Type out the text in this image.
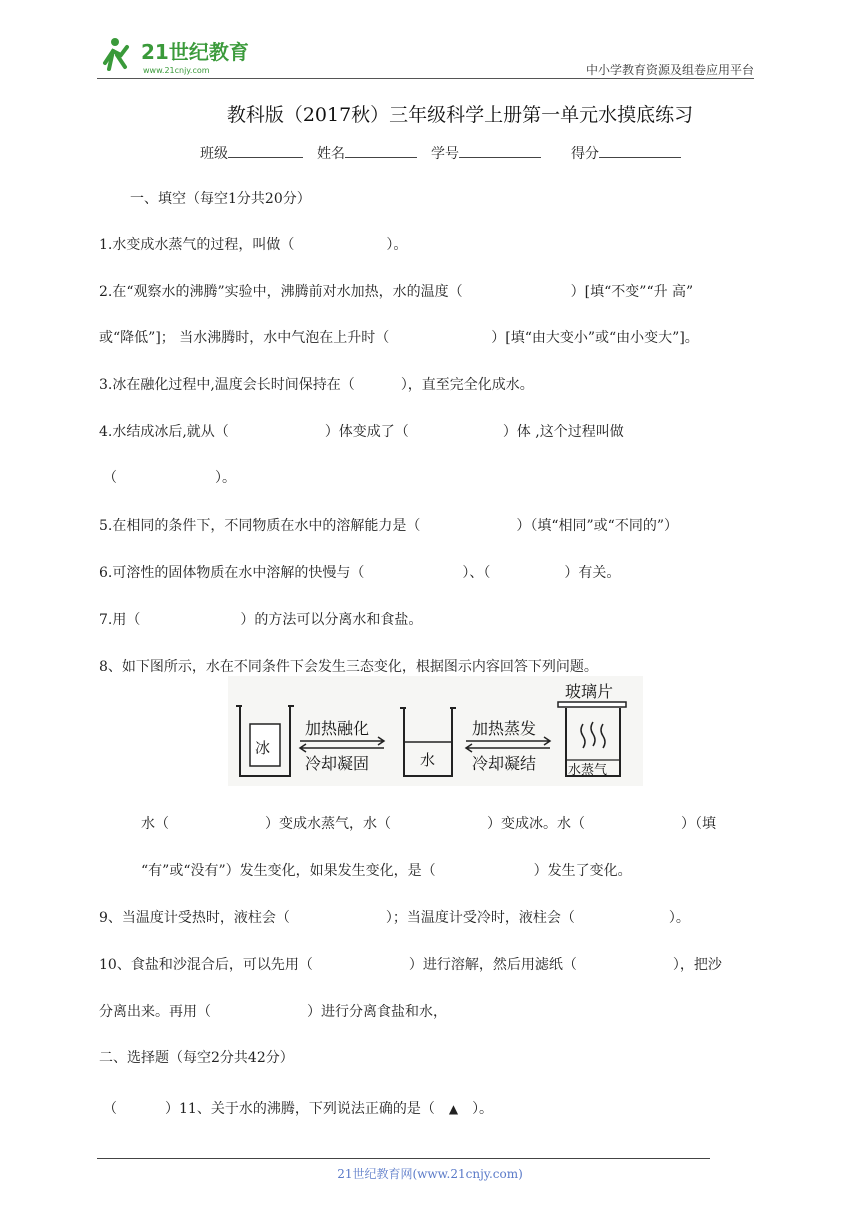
21世纪教育
www.21cnjy.com	中小学教育资源及组卷应用平台
教科版（2017秋）三年级科学上册第一单元水摸底练习
班级	姓名	学号	得分
一、填空（每空1分共20分）
1.水变成水蒸气的过程，叫做（	）。
2.在“观察水的沸腾”实验中，沸腾前对水加热，水的温度（	）[填“不变”“升 高”
或“降低”]； 当水沸腾时，水中气泡在上升时（	）[填“由大变小”或“由小变大”]。
3.冰在融化过程中,温度会长时间保持在（	），直至完全化成水。
4.水结成冰后,就从（	）体变成了（	）体 ,这个过程叫做
（	）。
5.在相同的条件下，不同物质在水中的溶解能力是（	）（填“相同”或“不同的”）
6.可溶性的固体物质在水中溶解的快慢与（	）、（	）有关。
7.用（	）的方法可以分离水和食盐。
8、如下图所示，水在不同条件下会发生三态变化，根据图示内容回答下列问题。
冰
加热融化
冷却凝固	水
加热蒸发
冷却凝结
玻璃片
水蒸气
水（	）变成水蒸气，水（	）变成冰。水（	）（填
“有”或“没有”）发生变化，如果发生变化，是（	）发生了变化。
9、当温度计受热时，液柱会（	）；当温度计受冷时，液柱会（	）。
10、食盐和沙混合后，可以先用（	）进行溶解，然后用滤纸（	），把沙
分离出来。再用（	）进行分离食盐和水，
二、选择题（每空2分共42分）
（	）11、关于水的沸腾，下列说法正确的是（ ▲ ）。
21世纪教育网(www.21cnjy.com)
